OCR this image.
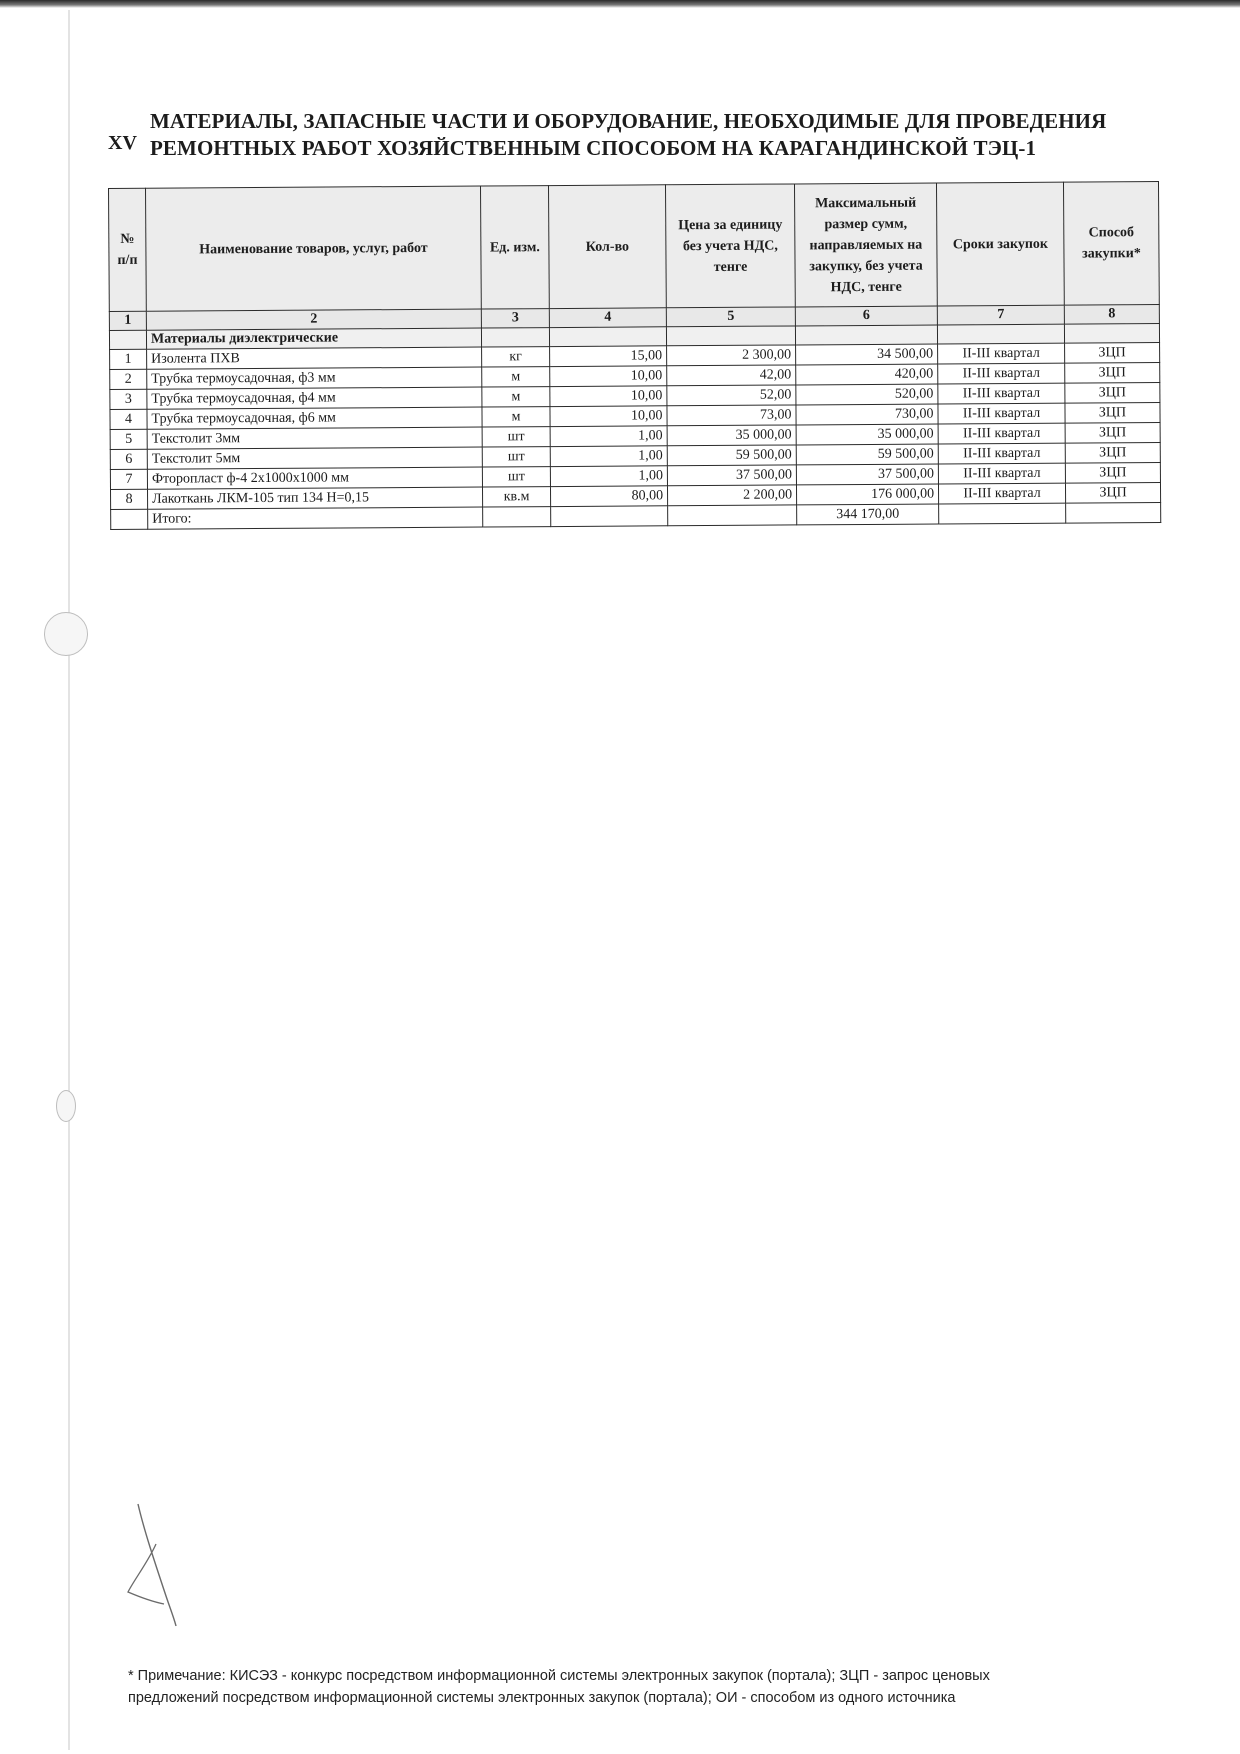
XV
МАТЕРИАЛЫ, ЗАПАСНЫЕ ЧАСТИ И ОБОРУДОВАНИЕ, НЕОБХОДИМЫЕ ДЛЯ ПРОВЕДЕНИЯ
РЕМОНТНЫХ РАБОТ ХОЗЯЙСТВЕННЫМ СПОСОБОМ НА КАРАГАНДИНСКОЙ ТЭЦ-1
№ п/п	Наименование товаров, услуг, работ	Ед. изм.	Кол-во	Цена за единицу без учета НДС, тенге	Максимальный размер сумм, направляемых на закупку, без учета НДС, тенге	Сроки закупок	Способ закупки*
1	2	3	4	5	6	7	8
	Материалы диэлектрические						
1	Изолента ПХВ	кг	15,00	2 300,00	34 500,00	II-III квартал	ЗЦП
2	Трубка термоусадочная, ф3 мм	м	10,00	42,00	420,00	II-III квартал	ЗЦП
3	Трубка термоусадочная, ф4 мм	м	10,00	52,00	520,00	II-III квартал	ЗЦП
4	Трубка термоусадочная, ф6 мм	м	10,00	73,00	730,00	II-III квартал	ЗЦП
5	Текстолит 3мм	шт	1,00	35 000,00	35 000,00	II-III квартал	ЗЦП
6	Текстолит 5мм	шт	1,00	59 500,00	59 500,00	II-III квартал	ЗЦП
7	Фторопласт ф-4 2х1000х1000 мм	шт	1,00	37 500,00	37 500,00	II-III квартал	ЗЦП
8	Лакоткань ЛКМ-105 тип 134 Н=0,15	кв.м	80,00	2 200,00	176 000,00	II-III квартал	ЗЦП
	Итого:				344 170,00		
* Примечание: КИСЭЗ - конкурс посредством информационной системы электронных закупок (портала); ЗЦП - запрос ценовых
предложений посредством информационной системы электронных закупок (портала); ОИ - способом из одного источника
